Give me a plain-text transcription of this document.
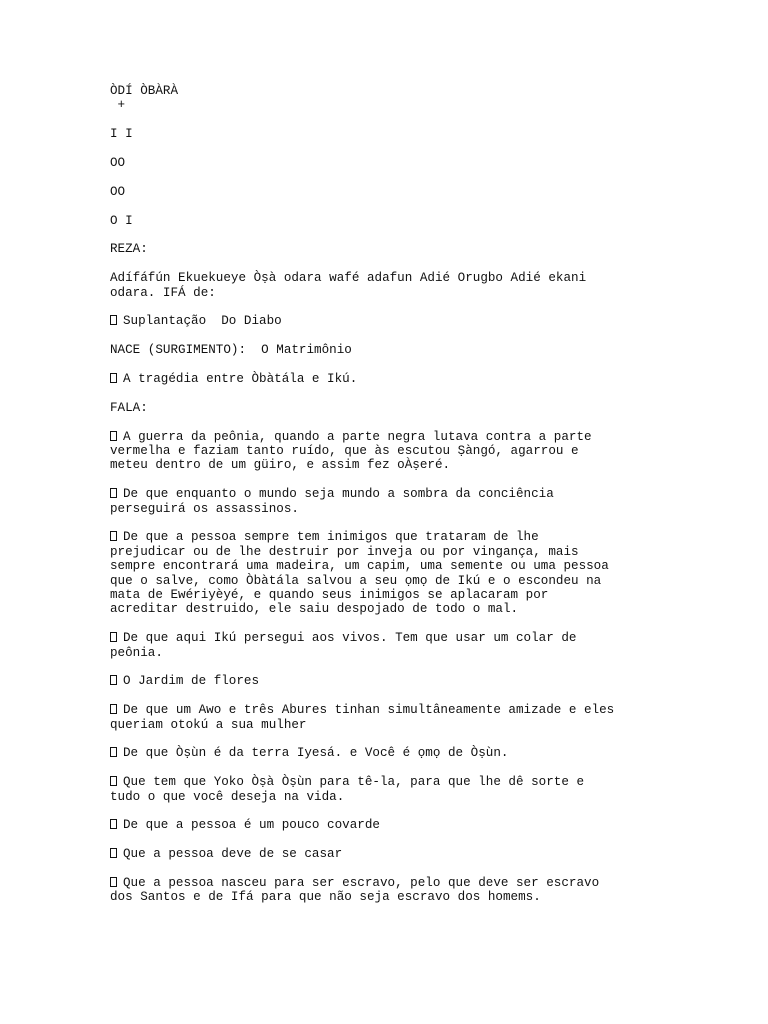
ÒDÍ ÒBÀRÀ

+

I I

OO

OO

O I

REZA:

Adífáfún Ekuekueye Òṣà odara wafé adafun Adié Orugbo Adié ekani
odara. IFÁ de:
Suplantação  Do Diabo
NACE (SURGIMENTO):  O Matrimônio
A tragédia entre Òbàtála e Ikú.

FALA:

A guerra da peônia, quando a parte negra lutava contra a parte
vermelha e faziam tanto ruído, que às escutou Ṣàngó, agarrou e
meteu dentro de um güiro, e assim fez oÀṣeré.
De que enquanto o mundo seja mundo a sombra da conciência
perseguirá os assassinos.
De que a pessoa sempre tem inimigos que trataram de lhe
prejudicar ou de lhe destruir por inveja ou por vingança, mais
sempre encontrará uma madeira, um capim, uma semente ou uma pessoa
que o salve, como Òbàtála salvou a seu ọmọ de Ikú e o escondeu na
mata de Ewériyèyé, e quando seus inimigos se aplacaram por
acreditar destruido, ele saiu despojado de todo o mal.
De que aqui Ikú persegui aos vivos. Tem que usar um colar de
peônia.
O Jardim de flores
De que um Awo e três Abures tinhan simultâneamente amizade e eles
queriam otokú a sua mulher
De que Òṣùn é da terra Iyesá. e Você é ọmọ de Òṣùn.
Que tem que Yoko Òṣà Òṣùn para tê-la, para que lhe dê sorte e
tudo o que você deseja na vida.
De que a pessoa é um pouco covarde
Que a pessoa deve de se casar
Que a pessoa nasceu para ser escravo, pelo que deve ser escravo
dos Santos e de Ifá para que não seja escravo dos homems.
